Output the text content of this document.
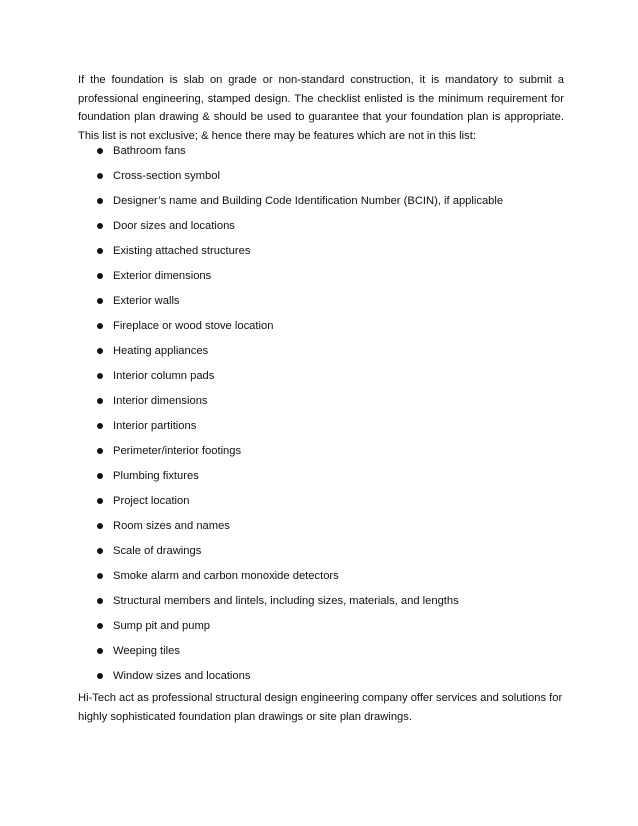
If the foundation is slab on grade or non-standard construction, it is mandatory to submit a professional engineering, stamped design. The checklist enlisted is the minimum requirement for foundation plan drawing & should be used to guarantee that your foundation plan is appropriate. This list is not exclusive; & hence there may be features which are not in this list:

Bathroom fans
Cross-section symbol
Designer’s name and Building Code Identification Number (BCIN), if applicable
Door sizes and locations
Existing attached structures
Exterior dimensions
Exterior walls
Fireplace or wood stove location
Heating appliances
Interior column pads
Interior dimensions
Interior partitions
Perimeter/interior footings
Plumbing fixtures
Project location
Room sizes and names
Scale of drawings
Smoke alarm and carbon monoxide detectors
Structural members and lintels, including sizes, materials, and lengths
Sump pit and pump
Weeping tiles
Window sizes and locations

Hi-Tech act as professional structural design engineering company offer services and solutions for highly sophisticated foundation plan drawings or site plan drawings.
